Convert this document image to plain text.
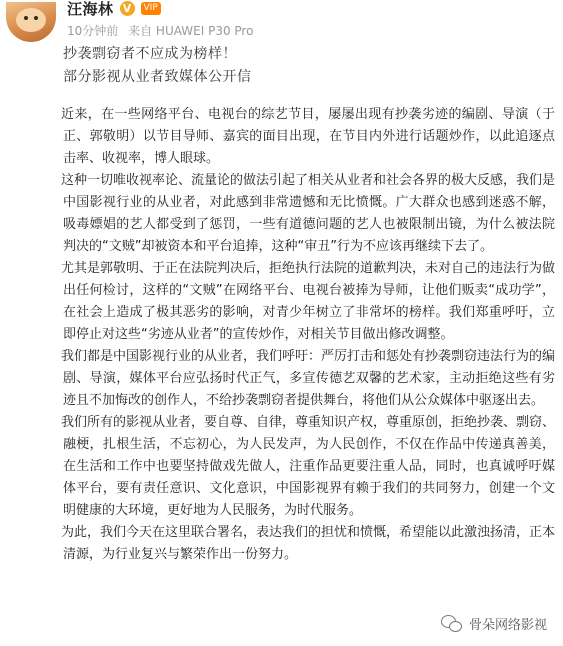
汪海林 V	VIP
10分钟前 来自 HUAWEI P30 Pro
抄袭剽窃者不应成为榜样！
部分影视从业者致媒体公开信

近来，在一些网络平台、电视台的综艺节目，屡屡出现有抄袭劣迹的编剧、导演（于正、郭敬明）以节目导师、嘉宾的面目出现，在节目内外进行话题炒作，以此追逐点击率、收视率，博人眼球。

这种一切唯收视率论、流量论的做法引起了相关从业者和社会各界的极大反感，我们是中国影视行业的从业者，对此感到非常遗憾和无比愤慨。广大群众也感到迷惑不解，吸毒嫖娼的艺人都受到了惩罚，一些有道德问题的艺人也被限制出镜，为什么被法院判决的“文贼”却被资本和平台追捧，这种“审丑”行为不应该再继续下去了。

尤其是郭敬明、于正在法院判决后，拒绝执行法院的道歉判决，未对自己的违法行为做出任何检讨，这样的“文贼”在网络平台、电视台被捧为导师，让他们贩卖“成功学”，在社会上造成了极其恶劣的影响，对青少年树立了非常坏的榜样。我们郑重呼吁，立即停止对这些“劣迹从业者”的宣传炒作，对相关节目做出修改调整。

我们都是中国影视行业的从业者，我们呼吁：严厉打击和惩处有抄袭剽窃违法行为的编剧、导演，媒体平台应弘扬时代正气，多宣传德艺双馨的艺术家，主动拒绝这些有劣迹且不加悔改的创作人，不给抄袭剽窃者提供舞台，将他们从公众媒体中驱逐出去。

我们所有的影视从业者，要自尊、自律，尊重知识产权，尊重原创，拒绝抄袭、剽窃、融梗，扎根生活，不忘初心，为人民发声，为人民创作，不仅在作品中传递真善美，在生活和工作中也要坚持做戏先做人，注重作品更要注重人品，同时，也真诚呼吁媒体平台，要有责任意识、文化意识，中国影视界有赖于我们的共同努力，创建一个文明健康的大环境，更好地为人民服务，为时代服务。

为此，我们今天在这里联合署名，表达我们的担忧和愤慨，希望能以此激浊扬清，正本清源，为行业复兴与繁荣作出一份努力。

骨朵网络影视
